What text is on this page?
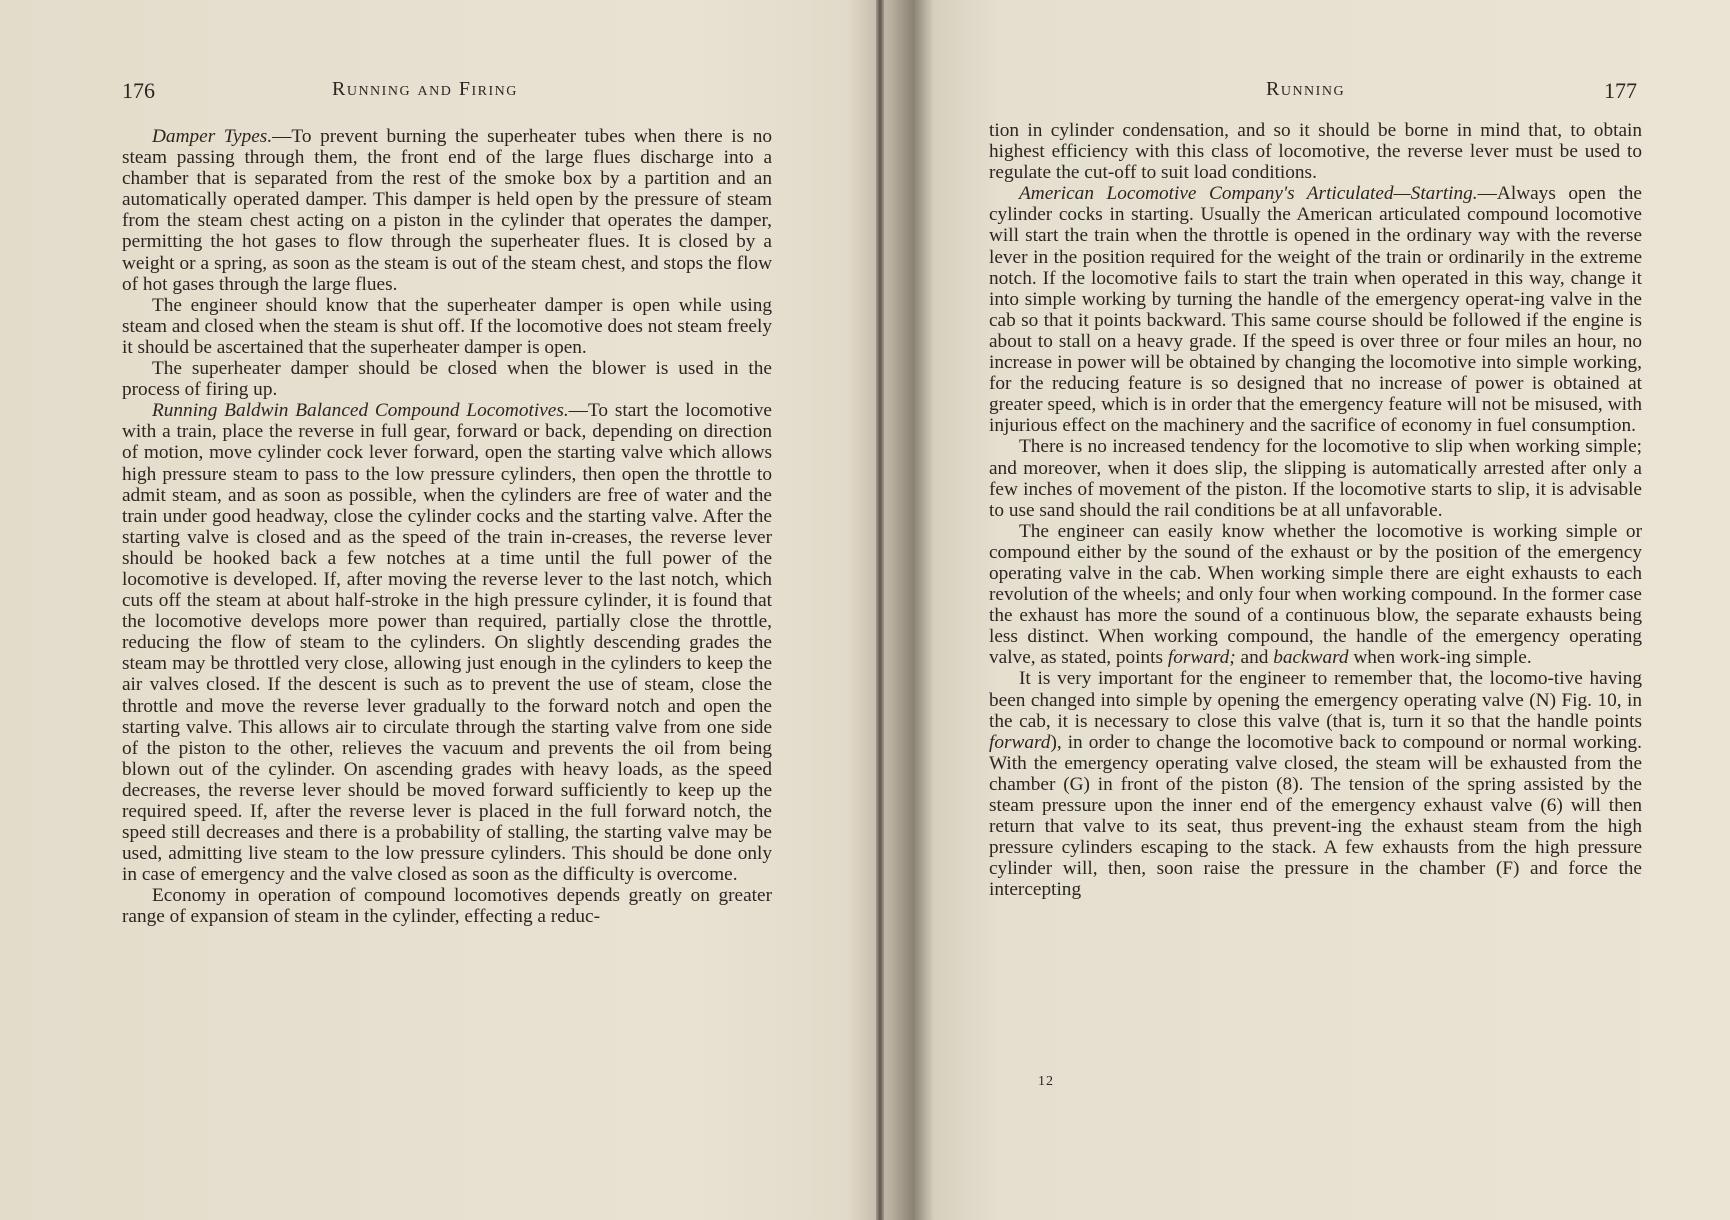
176	Running and Firing

Damper Types.—To prevent burning the superheater tubes when there is no steam passing through them, the front end of the large flues discharge into a chamber that is separated from the rest of the smoke box by a partition and an automatically operated damper. This damper is held open by the pressure of steam from the steam chest acting on a piston in the cylinder that operates the damper, permitting the hot gases to flow through the superheater flues. It is closed by a weight or a spring, as soon as the steam is out of the steam chest, and stops the flow of hot gases through the large flues.

The engineer should know that the superheater damper is open while using steam and closed when the steam is shut off. If the locomotive does not steam freely it should be ascertained that the superheater damper is open.

The superheater damper should be closed when the blower is used in the process of firing up.

Running Baldwin Balanced Compound Locomotives.—To start the locomotive with a train, place the reverse in full gear, forward or back, depending on direction of motion, move cylinder cock lever forward, open the starting valve which allows high pressure steam to pass to the low pressure cylinders, then open the throttle to admit steam, and as soon as possible, when the cylinders are free of water and the train under good headway, close the cylinder cocks and the starting valve. After the starting valve is closed and as the speed of the train in-creases, the reverse lever should be hooked back a few notches at a time until the full power of the locomotive is developed. If, after moving the reverse lever to the last notch, which cuts off the steam at about half-stroke in the high pressure cylinder, it is found that the locomotive develops more power than required, partially close the throttle, reducing the flow of steam to the cylinders. On slightly descending grades the steam may be throttled very close, allowing just enough in the cylinders to keep the air valves closed. If the descent is such as to prevent the use of steam, close the throttle and move the reverse lever gradually to the forward notch and open the starting valve. This allows air to circulate through the starting valve from one side of the piston to the other, relieves the vacuum and prevents the oil from being blown out of the cylinder. On ascending grades with heavy loads, as the speed decreases, the reverse lever should be moved forward sufficiently to keep up the required speed. If, after the reverse lever is placed in the full forward notch, the speed still decreases and there is a probability of stalling, the starting valve may be used, admitting live steam to the low pressure cylinders. This should be done only in case of emergency and the valve closed as soon as the difficulty is overcome.

Economy in operation of compound locomotives depends greatly on greater range of expansion of steam in the cylinder, effecting a reduc-

Running	177

tion in cylinder condensation, and so it should be borne in mind that, to obtain highest efficiency with this class of locomotive, the reverse lever must be used to regulate the cut-off to suit load conditions.

American Locomotive Company's Articulated—Starting.—Always open the cylinder cocks in starting. Usually the American articulated compound locomotive will start the train when the throttle is opened in the ordinary way with the reverse lever in the position required for the weight of the train or ordinarily in the extreme notch. If the locomotive fails to start the train when operated in this way, change it into simple working by turning the handle of the emergency operat-ing valve in the cab so that it points backward. This same course should be followed if the engine is about to stall on a heavy grade. If the speed is over three or four miles an hour, no increase in power will be obtained by changing the locomotive into simple working, for the reducing feature is so designed that no increase of power is obtained at greater speed, which is in order that the emergency feature will not be misused, with injurious effect on the machinery and the sacrifice of economy in fuel consumption.

There is no increased tendency for the locomotive to slip when working simple; and moreover, when it does slip, the slipping is automatically arrested after only a few inches of movement of the piston. If the locomotive starts to slip, it is advisable to use sand should the rail conditions be at all unfavorable.

The engineer can easily know whether the locomotive is working simple or compound either by the sound of the exhaust or by the position of the emergency operating valve in the cab. When working simple there are eight exhausts to each revolution of the wheels; and only four when working compound. In the former case the exhaust has more the sound of a continuous blow, the separate exhausts being less distinct. When working compound, the handle of the emergency operating valve, as stated, points forward; and backward when work-ing simple.

It is very important for the engineer to remember that, the locomo-tive having been changed into simple by opening the emergency operating valve (N) Fig. 10, in the cab, it is necessary to close this valve (that is, turn it so that the handle points forward), in order to change the locomotive back to compound or normal working. With the emergency operating valve closed, the steam will be exhausted from the chamber (G) in front of the piston (8). The tension of the spring assisted by the steam pressure upon the inner end of the emergency exhaust valve (6) will then return that valve to its seat, thus prevent-ing the exhaust steam from the high pressure cylinders escaping to the stack. A few exhausts from the high pressure cylinder will, then, soon raise the pressure in the chamber (F) and force the intercepting

12
